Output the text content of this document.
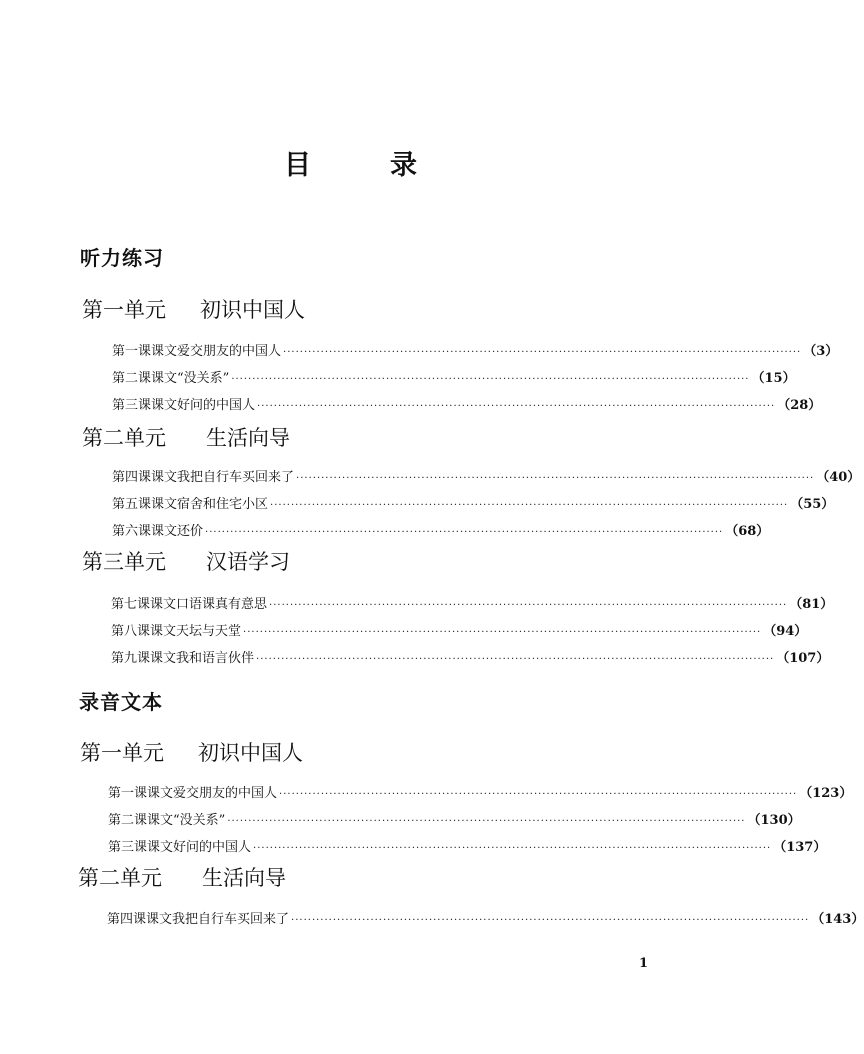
目　录
听力练习
第一单元 初识中国人
第一课 课文 爱交朋友的中国人 ···························································································································· （3）
第二课 课文 “没关系” ···························································································································· （15）
第三课 课文 好问的中国人 ···························································································································· （28）
第二单元 生活向导
第四课 课文 我把自行车买回来了 ···························································································································· （40）
第五课 课文 宿舍和住宅小区 ···························································································································· （55）
第六课 课文 还价 ···························································································································· （68）
第三单元 汉语学习
第七课 课文 口语课真有意思 ···························································································································· （81）
第八课 课文 天坛与天堂 ···························································································································· （94）
第九课 课文 我和语言伙伴 ···························································································································· （107）
录音文本
第一单元 初识中国人
第一课 课文 爱交朋友的中国人 ···························································································································· （123）
第二课 课文 “没关系” ···························································································································· （130）
第三课 课文 好问的中国人 ···························································································································· （137）
第二单元 生活向导
第四课 课文 我把自行车买回来了 ···························································································································· （143）
1
